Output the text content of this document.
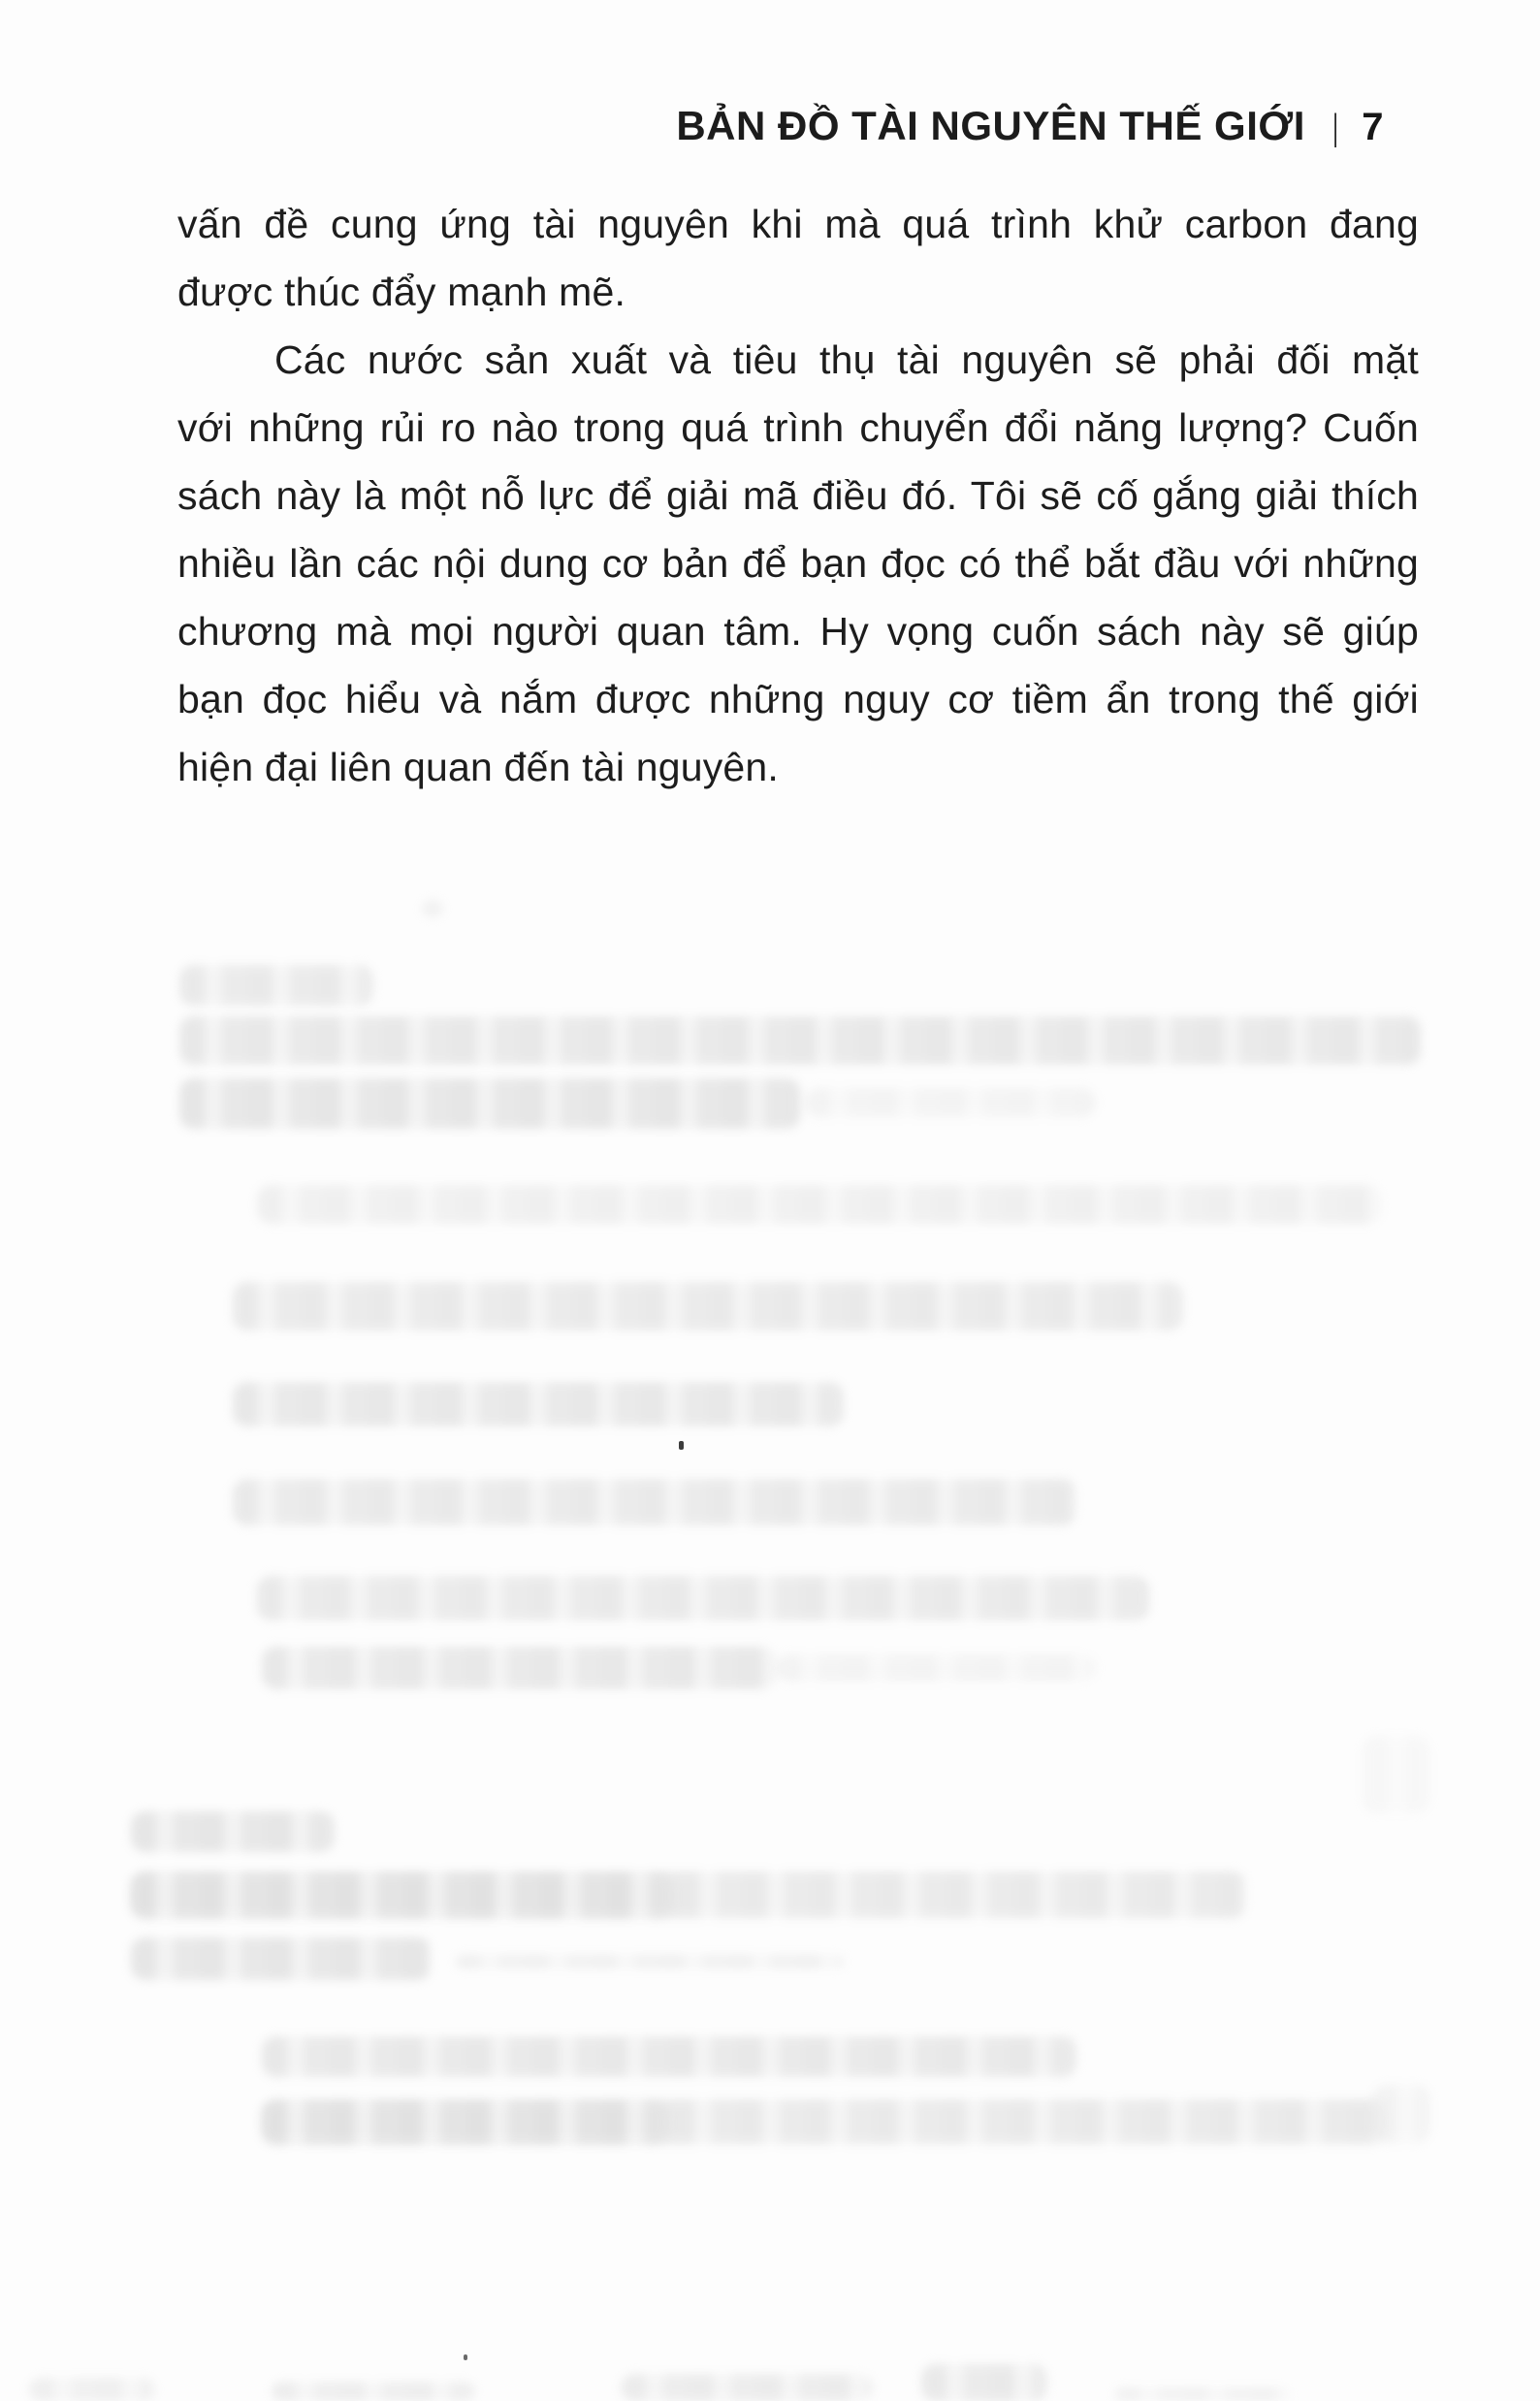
BẢN ĐỒ TÀI NGUYÊN THẾ GIỚI | 7
vấn đề cung ứng tài nguyên khi mà quá trình khử carbon đang
được thúc đẩy mạnh mẽ.
Các nước sản xuất và tiêu thụ tài nguyên sẽ phải đối mặt
với những rủi ro nào trong quá trình chuyển đổi năng lượng? Cuốn
sách này là một nỗ lực để giải mã điều đó. Tôi sẽ cố gắng giải thích
nhiều lần các nội dung cơ bản để bạn đọc có thể bắt đầu với những
chương mà mọi người quan tâm. Hy vọng cuốn sách này sẽ giúp
bạn đọc hiểu và nắm được những nguy cơ tiềm ẩn trong thế giới
hiện đại liên quan đến tài nguyên.
